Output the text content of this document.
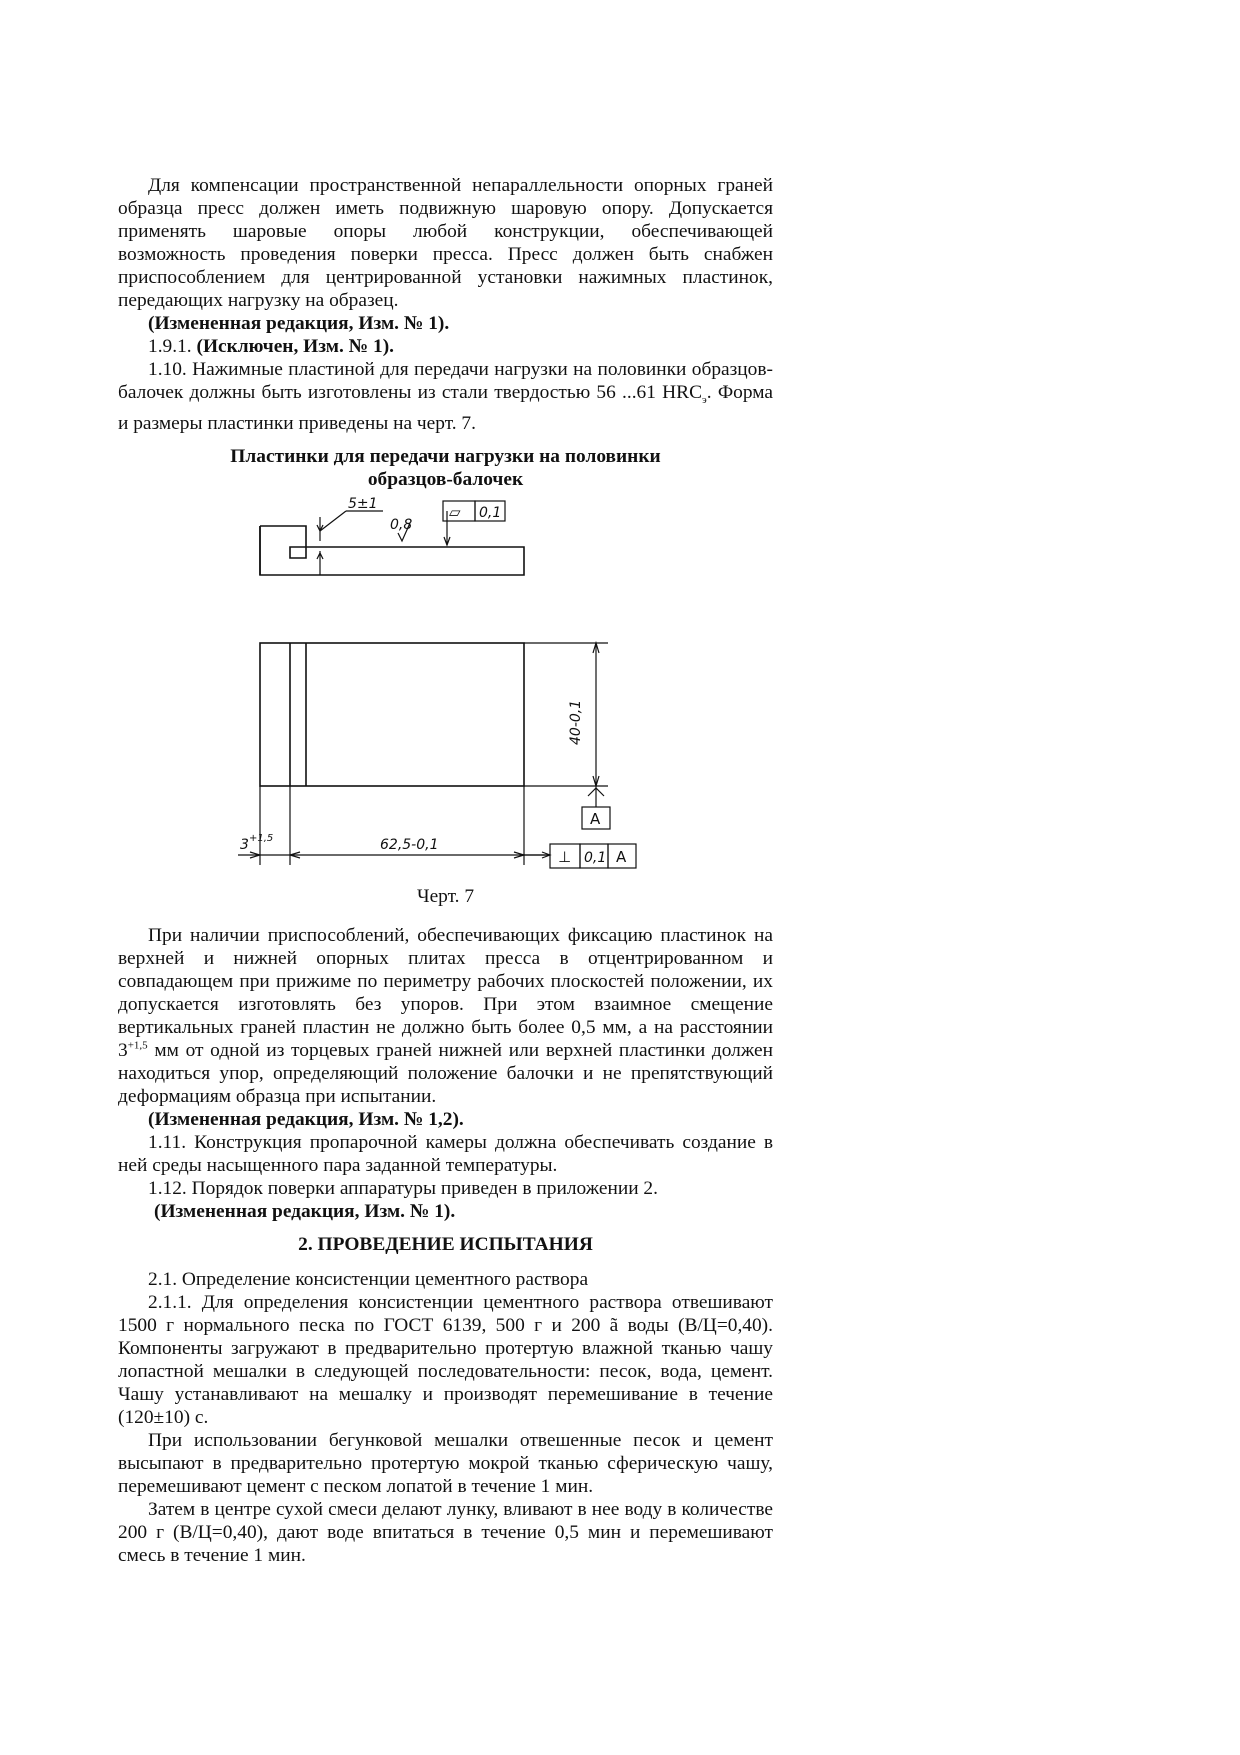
Для компенсации пространственной непараллельности опорных граней образца пресс должен иметь подвижную шаровую опору. Допускается применять шаровые опоры любой конструкции, обеспечивающей возможность проведения поверки пресса. Пресс должен быть снабжен приспособлением для центрированной установки нажимных пластинок, передающих нагрузку на образец.

(Измененная редакция, Изм. № 1).

1.9.1. (Исключен, Изм. № 1).

1.10. Нажимные пластиной для передачи нагрузки на половинки образцов-балочек должны быть изготовлены из стали твердостью 56 ...61 $HRC_э$. Форма и размеры пластинки приведены на черт. 7.

Пластинки для передачи нагрузки на половинки
образцов-балочек
5±1
0,8
▱ 0,1
40-0,1
A
3 +1,5	62,5-0,1
⊥ 0,1 A
Черт. 7

При наличии приспособлений, обеспечивающих фиксацию пластинок на верхней и нижней опорных плитах пресса в отцентрированном и совпадающем при прижиме по периметру рабочих плоскостей положении, их допускается изготовлять без упоров. При этом взаимное смещение вертикальных граней пластин не должно быть более 0,5 мм, а на расстоянии $3^{+1,5}$ мм от одной из торцевых граней нижней или верхней пластинки должен находиться упор, определяющий положение балочки и не препятствующий деформациям образца при испытании.

(Измененная редакция, Изм. № 1,2).

1.11. Конструкция пропарочной камеры должна обеспечивать создание в ней среды насыщенного пара заданной температуры.

1.12. Порядок поверки аппаратуры приведен в приложении 2.

(Измененная редакция, Изм. № 1).

2. ПРОВЕДЕНИЕ ИСПЫТАНИЯ

2.1. Определение консистенции цементного раствора

2.1.1. Для определения консистенции цементного раствора отвешивают 1500 г нормального песка по ГОСТ 6139, 500 г и 200 ã воды (В/Ц=0,40). Компоненты загружают в предварительно протертую влажной тканью чашу лопастной мешалки в следующей последовательности: песок, вода, цемент. Чашу устанавливают на мешалку и производят перемешивание в течение (120±10) с.

При использовании бегунковой мешалки отвешенные песок и цемент высыпают в предварительно протертую мокрой тканью сферическую чашу, перемешивают цемент с песком лопатой в течение 1 мин.

Затем в центре сухой смеси делают лунку, вливают в нее воду в количестве 200 г (В/Ц=0,40), дают воде впитаться в течение 0,5 мин и перемешивают смесь в течение 1 мин.
